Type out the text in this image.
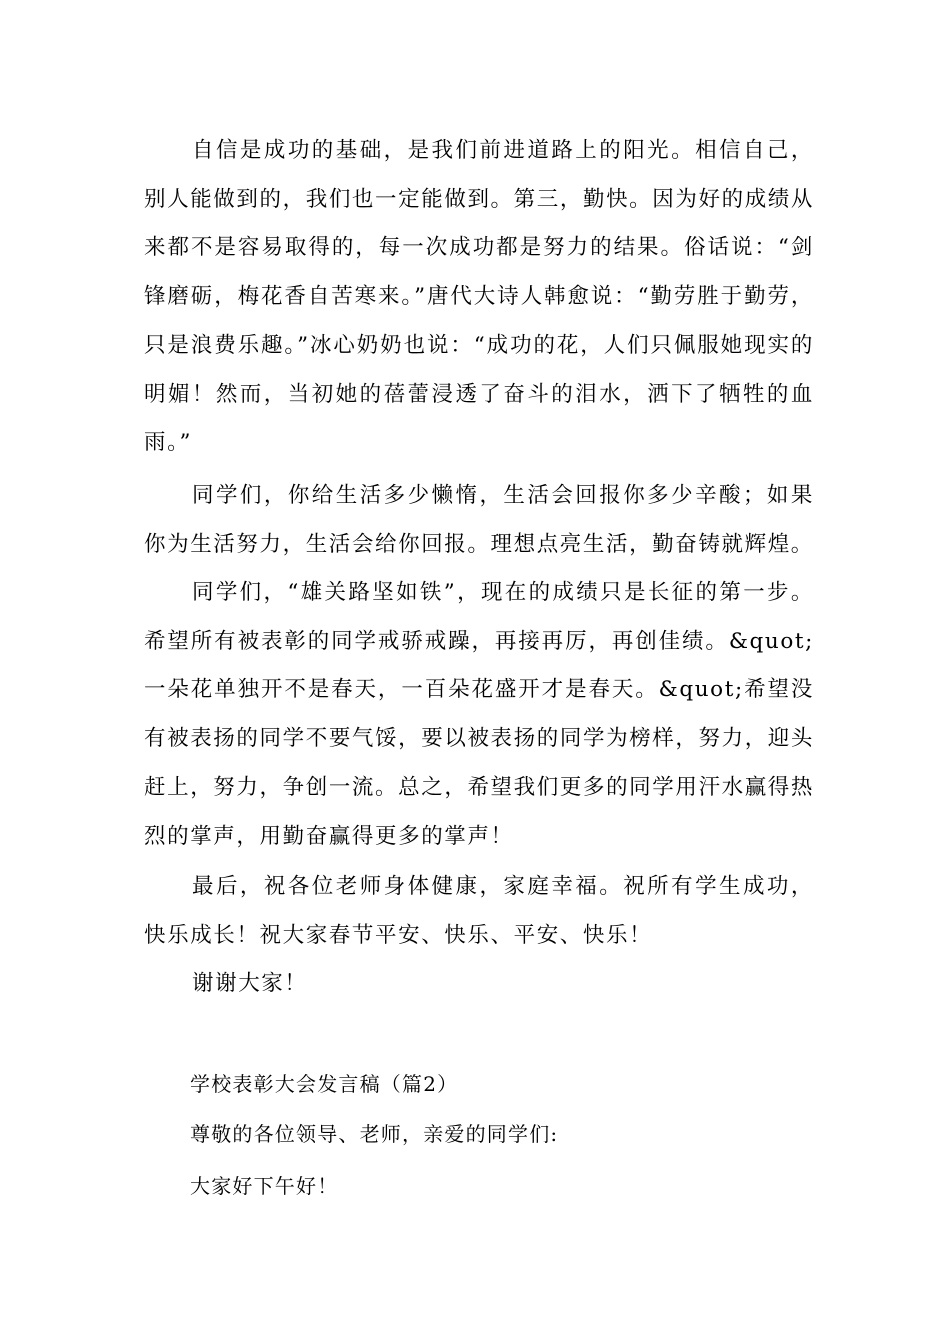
自信是成功的基础，是我们前进道路上的阳光。相信自己，别人能做到的，我们也一定能做到。第三，勤快。因为好的成绩从来都不是容易取得的，每一次成功都是努力的结果。俗话说：“剑锋磨砺，梅花香自苦寒来。”唐代大诗人韩愈说：“勤劳胜于勤劳，只是浪费乐趣。”冰心奶奶也说：“成功的花，人们只佩服她现实的明媚！然而，当初她的蓓蕾浸透了奋斗的泪水，洒下了牺牲的血雨。”

同学们，你给生活多少懒惰，生活会回报你多少辛酸；如果你为生活努力，生活会给你回报。理想点亮生活，勤奋铸就辉煌。

同学们，“雄关路坚如铁”，现在的成绩只是长征的第一步。希望所有被表彰的同学戒骄戒躁，再接再厉，再创佳绩。&quot;一朵花单独开不是春天，一百朵花盛开才是春天。&quot;希望没有被表扬的同学不要气馁，要以被表扬的同学为榜样，努力，迎头赶上，努力，争创一流。总之，希望我们更多的同学用汗水赢得热烈的掌声，用勤奋赢得更多的掌声！

最后，祝各位老师身体健康，家庭幸福。祝所有学生成功，快乐成长！祝大家春节平安、快乐、平安、快乐！

谢谢大家！

学校表彰大会发言稿（篇2）

尊敬的各位领导、老师，亲爱的同学们:

大家好下午好！
